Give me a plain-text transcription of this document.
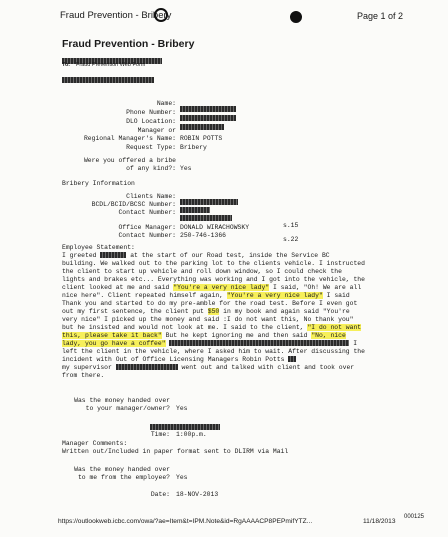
Fraud Prevention - Bribery	Page 1 of 2
Fraud Prevention - Bribery
To: Fraud Prevention Web Form
Name:
Phone Number:
DLO Location:
Manager or
Regional Manager's Name: ROBIN POTTS
Request Type: Bribery
Were you offered a bribe
of any kind?: Yes
Bribery Information
Clients Name:
BCDL/BCID/BCSC Number:
Contact Number:
Office Manager: DONALD WIRACHOWSKY
Contact Number: 250-746-1366
s.15
s.22
Employee Statement:
I greeted	at the start of our Road test, inside the Service BC
building. We walked out to the parking lot to the clients vehicle. I instructed
the client to start up vehicle and roll down window, so I could check the
lights and brakes etc... Everything was working and I got into the vehicle, the
client looked at me and said "You're a very nice lady" I said, "Oh! We are all
nice here". Client repeated himself again, "You're a very nice lady" I said
Thank you and started to do my pre-amble for the road test. Before I even got
out my first sentence, the client put $50 in my book and again said "You're
very nice" I picked up the money and said :I do not want this, No thank you"
but he insisted and would not look at me. I said to the client, "I do not want
this, please take it back" But he kept ignoring me and then said "No, nice
lady, you go have a coffee"	I
left the client in the vehicle, where I asked him to wait. After discussing the
incident with Out of Office Licensing Managers Robin Potts
my supervisor	went out and talked with client and took over
from there.
Was the money handed over
to your manager/owner? Yes
Time: 1:00p.m.
Manager Comments:
Written out/Included in paper format sent to DLIRM via Mail
Was the money handed over
to me from the employee? Yes
Date: 18-NOV-2013
https://outlookweb.icbc.com/owa/?ae=Item&t=IPM.Note&id=RgAAAACP8PEPmifYTZ...	11/18/2013
000125
